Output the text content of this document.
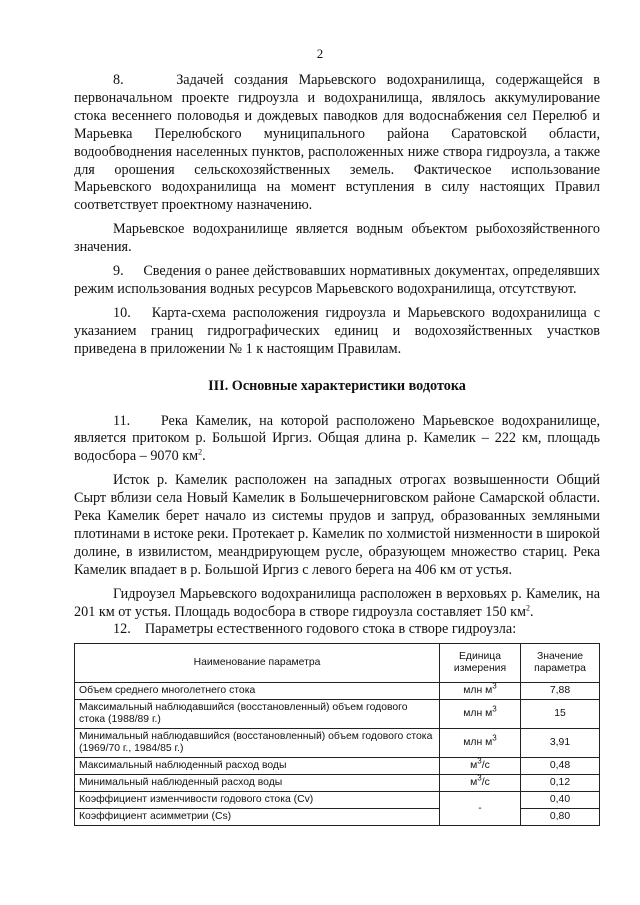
2

8.     Задачей создания Марьевского водохранилища, содержащейся в первоначальном проекте гидроузла и водохранилища, являлось аккумулирование стока весеннего половодья и дождевых паводков для водоснабжения сел Перелюб и Марьевка Перелюбского муниципального района Саратовской области, водообводнения населенных пунктов, расположенных ниже створа гидроузла, а также для орошения сельскохозяйственных земель. Фактическое использование Марьевского водохранилища на момент вступления в силу настоящих Правил соответствует проектному назначению.

Марьевское водохранилище является водным объектом рыбохозяйственного значения.

9.     Сведения о ранее действовавших нормативных документах, определявших режим использования водных ресурсов Марьевского водохранилища, отсутствуют.

10.   Карта-схема расположения гидроузла и Марьевского водохранилища с указанием границ гидрографических единиц и водохозяйственных участков приведена в приложении № 1 к настоящим Правилам.

III. Основные характеристики водотока

11.    Река Камелик, на которой расположено Марьевское водохранилище, является притоком р. Большой Иргиз. Общая длина р. Камелик – 222 км, площадь водосбора – 9070 $км^2$.

Исток р. Камелик расположен на западных отрогах возвышенности Общий Сырт вблизи села Новый Камелик в Большечерниговском районе Самарской области. Река Камелик берет начало из системы прудов и запруд, образованных земляными плотинами в истоке реки. Протекает р. Камелик по холмистой низменности в широкой долине, в извилистом, меандрирующем русле, образующем множество стариц. Река Камелик впадает в р. Большой Иргиз с левого берега на 406 км от устья.

Гидроузел Марьевского водохранилища расположен в верховьях р. Камелик, на 201 км от устья. Площадь водосбора в створе гидроузла составляет 150 $км^2$.

12.    Параметры естественного годового стока в створе гидроузла:

Наименование параметра	Единица измерения	Значение параметра
Объем среднего многолетнего стока	млн $м^3$	7,88
Максимальный наблюдавшийся (восстановленный) объем годового стока (1988/89 г.)	млн $м^3$	15
Минимальный наблюдавшийся (восстановленный) объем годового стока (1969/70 г., 1984/85 г.)	млн $м^3$	3,91
Максимальный наблюденный расход воды	$м^3/с$	0,48
Минимальный наблюденный расход воды	$м^3/с$	0,12
Коэффициент изменчивости годового стока (Cv)	-	0,40
Коэффициент асимметрии (Cs)		0,80
